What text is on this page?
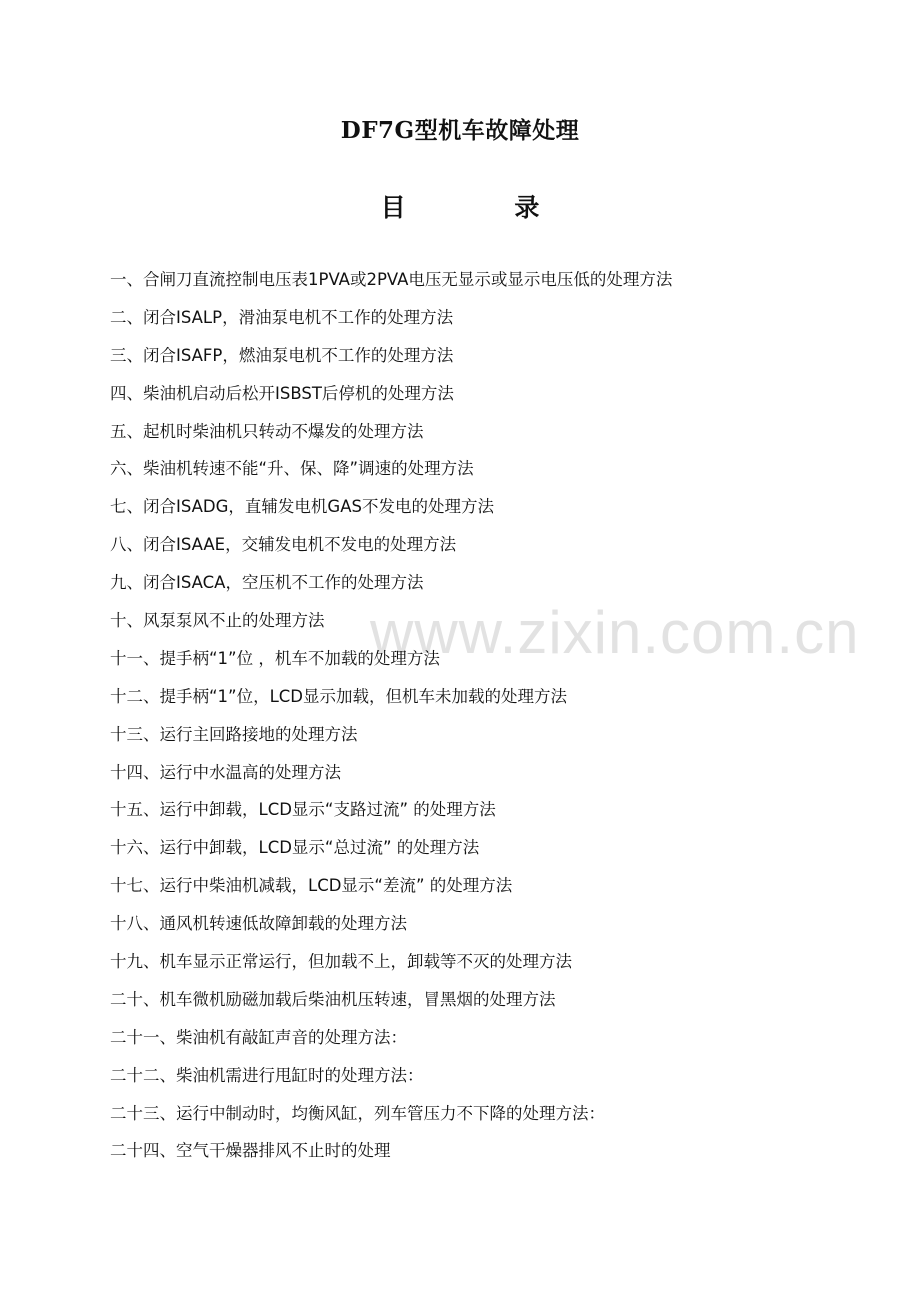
www.zixin.com.cn
DF7G型机车故障处理
目 录
一、合闸刀直流控制电压表1PVA或2PVA电压无显示或显示电压低的处理方法
二、闭合ISALP，滑油泵电机不工作的处理方法
三、闭合ISAFP，燃油泵电机不工作的处理方法
四、柴油机启动后松开ISBST后停机的处理方法
五、起机时柴油机只转动不爆发的处理方法
六、柴油机转速不能“升、保、降”调速的处理方法
七、闭合ISADG，直辅发电机GAS不发电的处理方法
八、闭合ISAAE，交辅发电机不发电的处理方法
九、闭合ISACA，空压机不工作的处理方法
十、风泵泵风不止的处理方法
十一、提手柄“1”位 ，机车不加载的处理方法
十二、提手柄“1”位，LCD显示加载，但机车未加载的处理方法
十三、运行主回路接地的处理方法
十四、运行中水温高的处理方法
十五、运行中卸载，LCD显示“支路过流” 的处理方法
十六、运行中卸载，LCD显示“总过流” 的处理方法
十七、运行中柴油机减载，LCD显示“差流” 的处理方法
十八、通风机转速低故障卸载的处理方法
十九、机车显示正常运行，但加载不上，卸载等不灭的处理方法
二十、机车微机励磁加载后柴油机压转速，冒黑烟的处理方法
二十一、柴油机有敲缸声音的处理方法：
二十二、柴油机需进行甩缸时的处理方法：
二十三、运行中制动时，均衡风缸，列车管压力不下降的处理方法：
二十四、空气干燥器排风不止时的处理
